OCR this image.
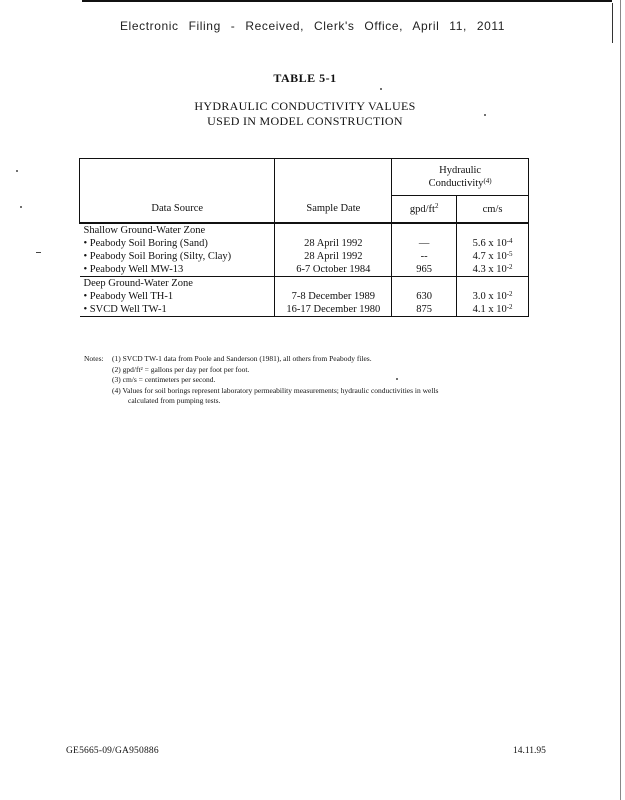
Electronic Filing - Received, Clerk's Office, April 11, 2011
TABLE 5-1
HYDRAULIC CONDUCTIVITY VALUES
USED IN MODEL CONSTRUCTION

		Hydraulic
Conductivity$^{(4)}$

Data Source	Sample Date	gpd/$ft^2$	cm/s
Shallow Ground-Water Zone			
• Peabody Soil Boring (Sand)	28 April 1992	—	5.6 x $10^{-4}$
• Peabody Soil Boring (Silty, Clay)	28 April 1992	--	4.7 x $10^{-5}$
• Peabody Well MW-13	6-7 October 1984	965	4.3 x $10^{-2}$
Deep Ground-Water Zone			
• Peabody Well TH-1	7-8 December 1989	630	3.0 x $10^{-2}$
• SVCD Well TW-1	16-17 December 1980	875	4.1 x $10^{-2}$
Notes:	(1) SVCD TW-1 data from Poole and Sanderson (1981), all others from Peabody files.
(2) gpd/ft² = gallons per day per foot per foot.
(3) cm/s = centimeters per second.
(4) Values for soil borings represent laboratory permeability measurements; hydraulic conductivities in wells
calculated from pumping tests.
GE5665-09/GA950886	14.11.95
